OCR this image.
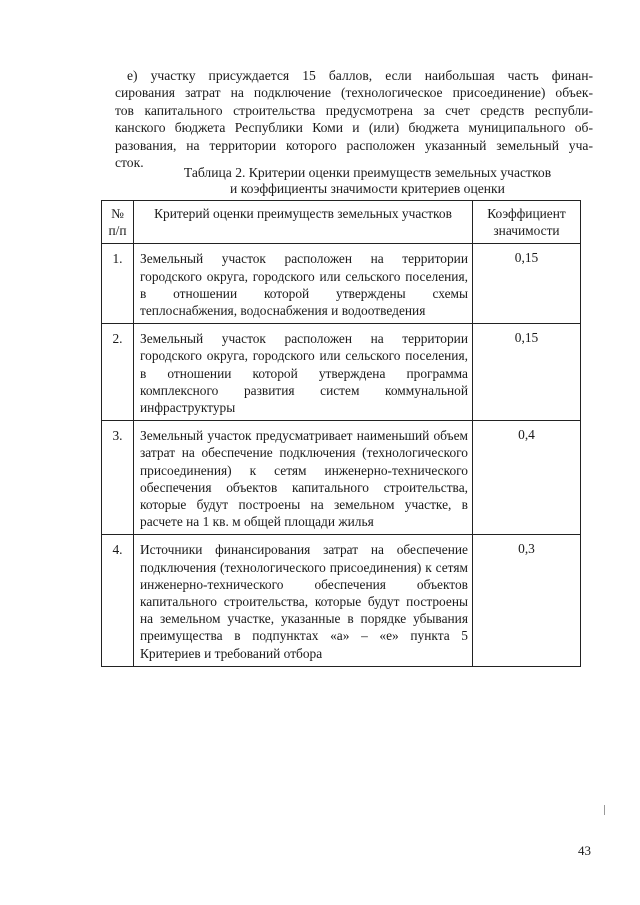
е) участку присуждается 15 баллов, если наибольшая часть финан-
сирования затрат на подключение (технологическое присоединение) объек-
тов капитального строительства предусмотрена за счет средств республи-
канского бюджета Республики Коми и (или) бюджета муниципального об-
разования, на территории которого расположен указанный земельный уча-
сток.
Таблица 2. Критерии оценки преимуществ земельных участков
и коэффициенты значимости критериев оценки
№ п/п	Критерий оценки преимуществ земельных участков	Коэффициент значимости
1.	Земельный участок расположен на территории городского округа, городского или сельского поселения, в отношении которой утверждены схемы теплоснабжения, водоснабжения и водоотведения	0,15
2.	Земельный участок расположен на территории городского округа, городского или сельского поселения, в отношении которой утверждена программа комплексного развития систем коммунальной инфраструктуры	0,15
3.	Земельный участок предусматривает наименьший объем затрат на обеспечение подключения (технологического присоединения) к сетям инженерно-технического обеспечения объектов капитального строительства, которые будут построены на земельном участке, в расчете на 1 кв. м общей площади жилья	0,4
4.	Источники финансирования затрат на обеспечение подключения (технологического присоединения) к сетям инженерно-технического обеспечения объектов капитального строительства, которые будут построены на земельном участке, указанные в порядке убывания преимущества в подпунктах «а» – «е» пункта 5 Критериев и требований отбора	0,3
43
